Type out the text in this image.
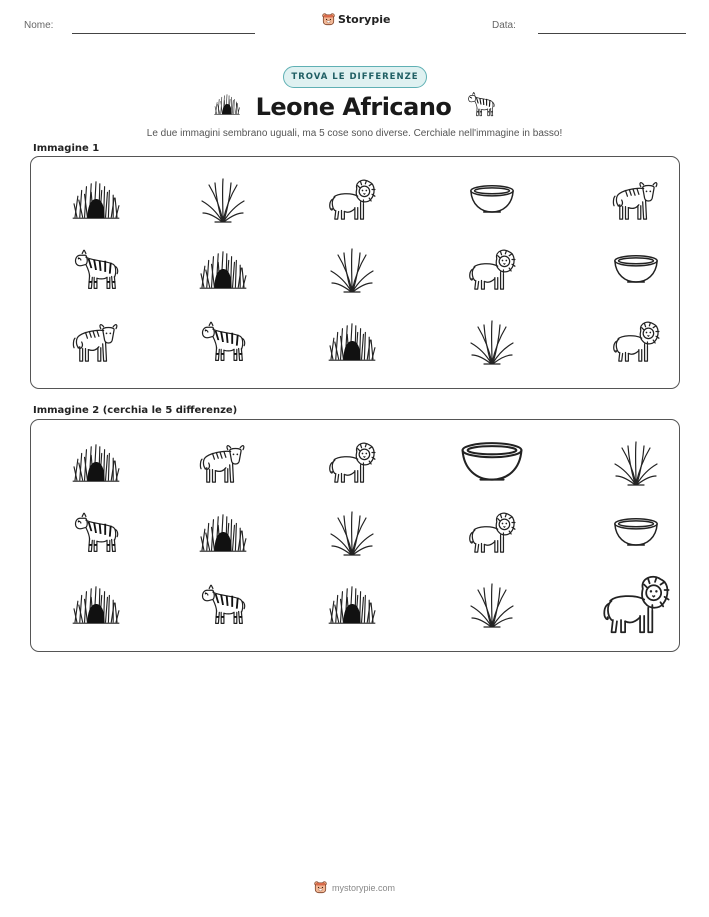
Nome:	Storypie	Data:
TROVA LE DIFFERENZE
Leone Africano
Le due immagini sembrano uguali, ma 5 cose sono diverse. Cerchiale nell'immagine in basso!
Immagine 1
Immagine 2 (cerchia le 5 differenze)
mystorypie.com
